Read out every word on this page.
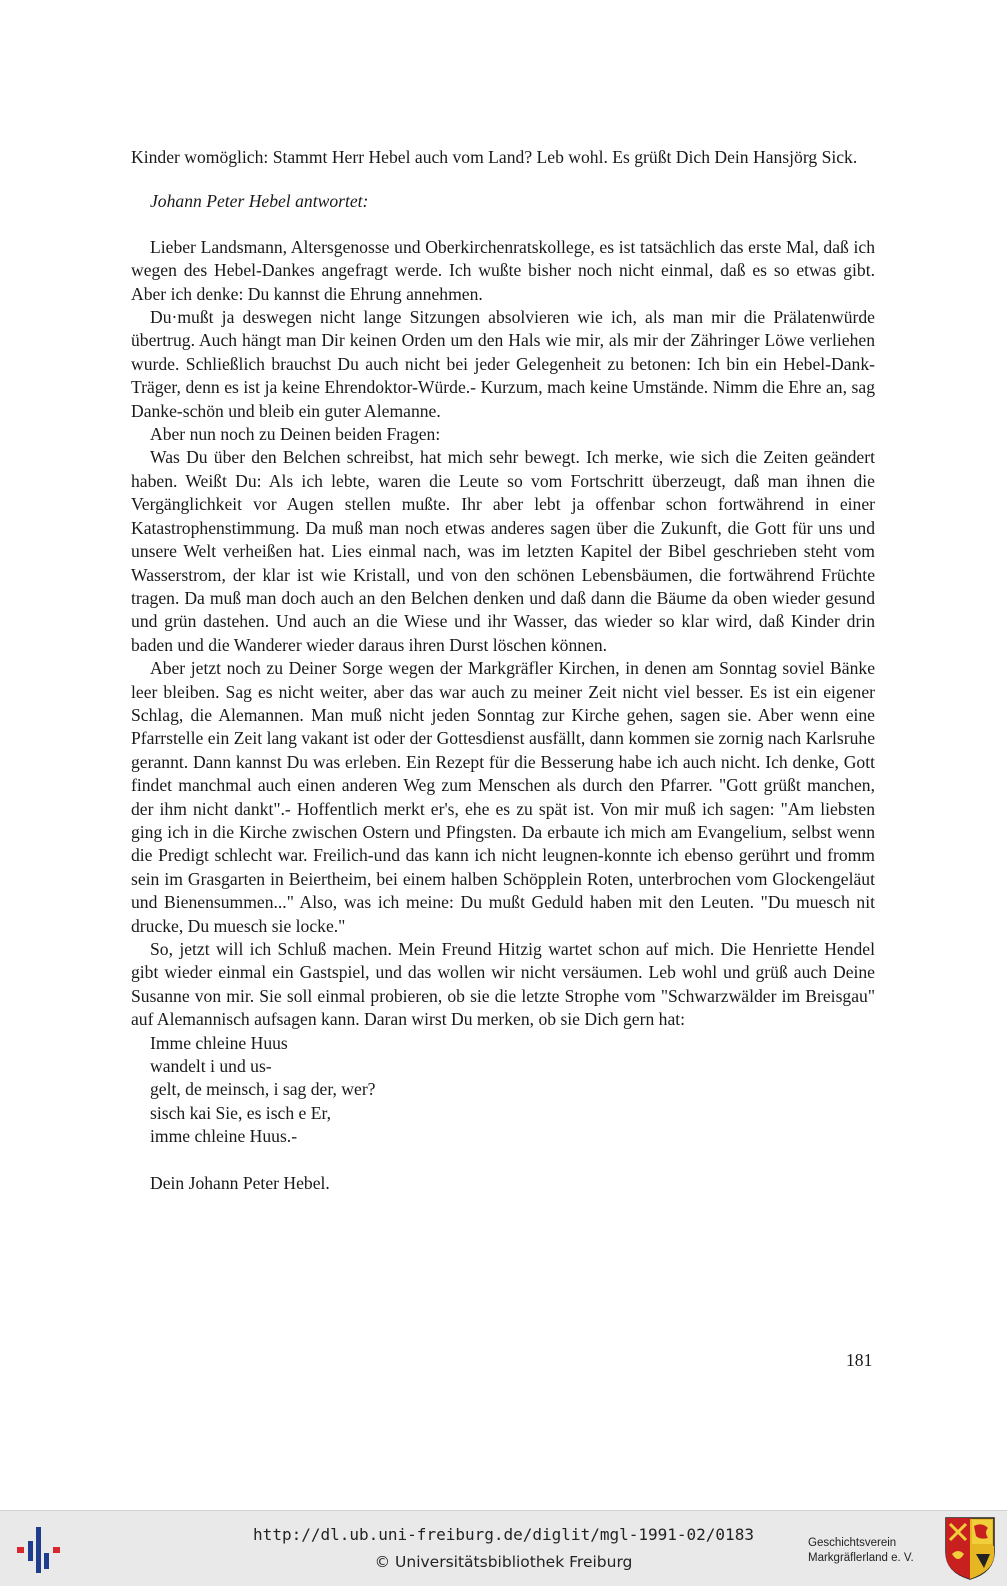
Kinder womöglich: Stammt Herr Hebel auch vom Land? Leb wohl. Es grüßt Dich Dein Hansjörg Sick.

Johann Peter Hebel antwortet:

Lieber Landsmann, Altersgenosse und Oberkirchenratskollege, es ist tatsächlich das erste Mal, daß ich wegen des Hebel-Dankes angefragt werde. Ich wußte bisher noch nicht einmal, daß es so etwas gibt. Aber ich denke: Du kannst die Ehrung annehmen.

Du·mußt ja deswegen nicht lange Sitzungen absolvieren wie ich, als man mir die Prälatenwürde übertrug. Auch hängt man Dir keinen Orden um den Hals wie mir, als mir der Zähringer Löwe verliehen wurde. Schließlich brauchst Du auch nicht bei jeder Gelegenheit zu betonen: Ich bin ein Hebel-Dank-Träger, denn es ist ja keine Ehrendoktor-Würde.- Kurzum, mach keine Umstände. Nimm die Ehre an, sag Danke-schön und bleib ein guter Alemanne.

Aber nun noch zu Deinen beiden Fragen:

Was Du über den Belchen schreibst, hat mich sehr bewegt. Ich merke, wie sich die Zeiten geändert haben. Weißt Du: Als ich lebte, waren die Leute so vom Fortschritt überzeugt, daß man ihnen die Vergänglichkeit vor Augen stellen mußte. Ihr aber lebt ja offenbar schon fortwährend in einer Katastrophenstimmung. Da muß man noch etwas anderes sagen über die Zukunft, die Gott für uns und unsere Welt verheißen hat. Lies einmal nach, was im letzten Kapitel der Bibel geschrieben steht vom Wasserstrom, der klar ist wie Kristall, und von den schönen Lebensbäumen, die fortwährend Früchte tragen. Da muß man doch auch an den Belchen denken und daß dann die Bäume da oben wieder gesund und grün dastehen. Und auch an die Wiese und ihr Wasser, das wieder so klar wird, daß Kinder drin baden und die Wanderer wieder daraus ihren Durst löschen können.

Aber jetzt noch zu Deiner Sorge wegen der Markgräfler Kirchen, in denen am Sonntag soviel Bänke leer bleiben. Sag es nicht weiter, aber das war auch zu meiner Zeit nicht viel besser. Es ist ein eigener Schlag, die Alemannen. Man muß nicht jeden Sonntag zur Kirche gehen, sagen sie. Aber wenn eine Pfarrstelle ein Zeit lang vakant ist oder der Gottesdienst ausfällt, dann kommen sie zornig nach Karlsruhe gerannt. Dann kannst Du was erleben. Ein Rezept für die Besserung habe ich auch nicht. Ich denke, Gott findet manchmal auch einen anderen Weg zum Menschen als durch den Pfarrer. "Gott grüßt manchen, der ihm nicht dankt".- Hoffentlich merkt er's, ehe es zu spät ist. Von mir muß ich sagen: "Am liebsten ging ich in die Kirche zwischen Ostern und Pfingsten. Da erbaute ich mich am Evangelium, selbst wenn die Predigt schlecht war. Freilich-und das kann ich nicht leugnen-konnte ich ebenso gerührt und fromm sein im Grasgarten in Beiertheim, bei einem halben Schöpplein Roten, unterbrochen vom Glockengeläut und Bienensummen..." Also, was ich meine: Du mußt Geduld haben mit den Leuten. "Du muesch nit drucke, Du muesch sie locke."

So, jetzt will ich Schluß machen. Mein Freund Hitzig wartet schon auf mich. Die Henriette Hendel gibt wieder einmal ein Gastspiel, und das wollen wir nicht versäumen. Leb wohl und grüß auch Deine Susanne von mir. Sie soll einmal probieren, ob sie die letzte Strophe vom "Schwarzwälder im Breisgau" auf Alemannisch aufsagen kann. Daran wirst Du merken, ob sie Dich gern hat:

Imme chleine Huus
wandelt i und us-
gelt, de meinsch, i sag der, wer?
sisch kai Sie, es isch e Er,
imme chleine Huus.-

Dein Johann Peter Hebel.

181
http://dl.ub.uni-freiburg.de/diglit/mgl-1991-02/0183
© Universitätsbibliothek Freiburg
Geschichtsverein
Markgräflerland e. V.
